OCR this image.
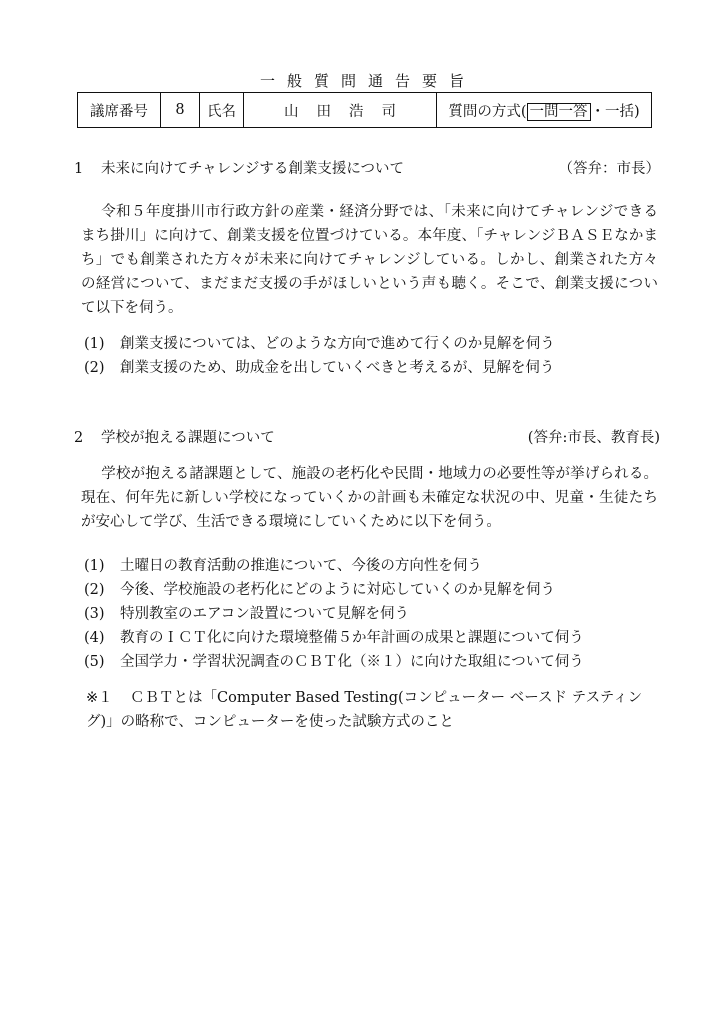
一般質問通告要旨
議席番号	8	氏名	山田浩司	質問の方式( 一問一答 ・一括)
1 未来に向けてチャレンジする創業支援について	（答弁：市長）

令和５年度掛川市行政方針の産業・経済分野では、「未来に向けてチャレンジできるまち掛川」に向けて、創業支援を位置づけている。本年度、「チャレンジＢＡＳＥなかまち」でも創業された方々が未来に向けてチャレンジしている。しかし、創業された方々の経営について、まだまだ支援の手がほしいという声も聴く。そこで、創業支援について以下を伺う。

(1) 創業支援については、どのような方向で進めて行くのか見解を伺う
(2) 創業支援のため、助成金を出していくべきと考えるが、見解を伺う
2 学校が抱える課題について	(答弁:市長、教育長)

学校が抱える諸課題として、施設の老朽化や民間・地域力の必要性等が挙げられる。現在、何年先に新しい学校になっていくかの計画も未確定な状況の中、児童・生徒たちが安心して学び、生活できる環境にしていくために以下を伺う。

(1) 土曜日の教育活動の推進について、今後の方向性を伺う
(2) 今後、学校施設の老朽化にどのように対応していくのか見解を伺う
(3) 特別教室のエアコン設置について見解を伺う
(4) 教育のＩＣＴ化に向けた環境整備５か年計画の成果と課題について伺う
(5) 全国学力・学習状況調査のＣＢＴ化（※１）に向けた取組について伺う

※１ ＣＢＴとは「Computer Based Testing(コンピューター ベースド テスティング)」の略称で、コンピューターを使った試験方式のこと
